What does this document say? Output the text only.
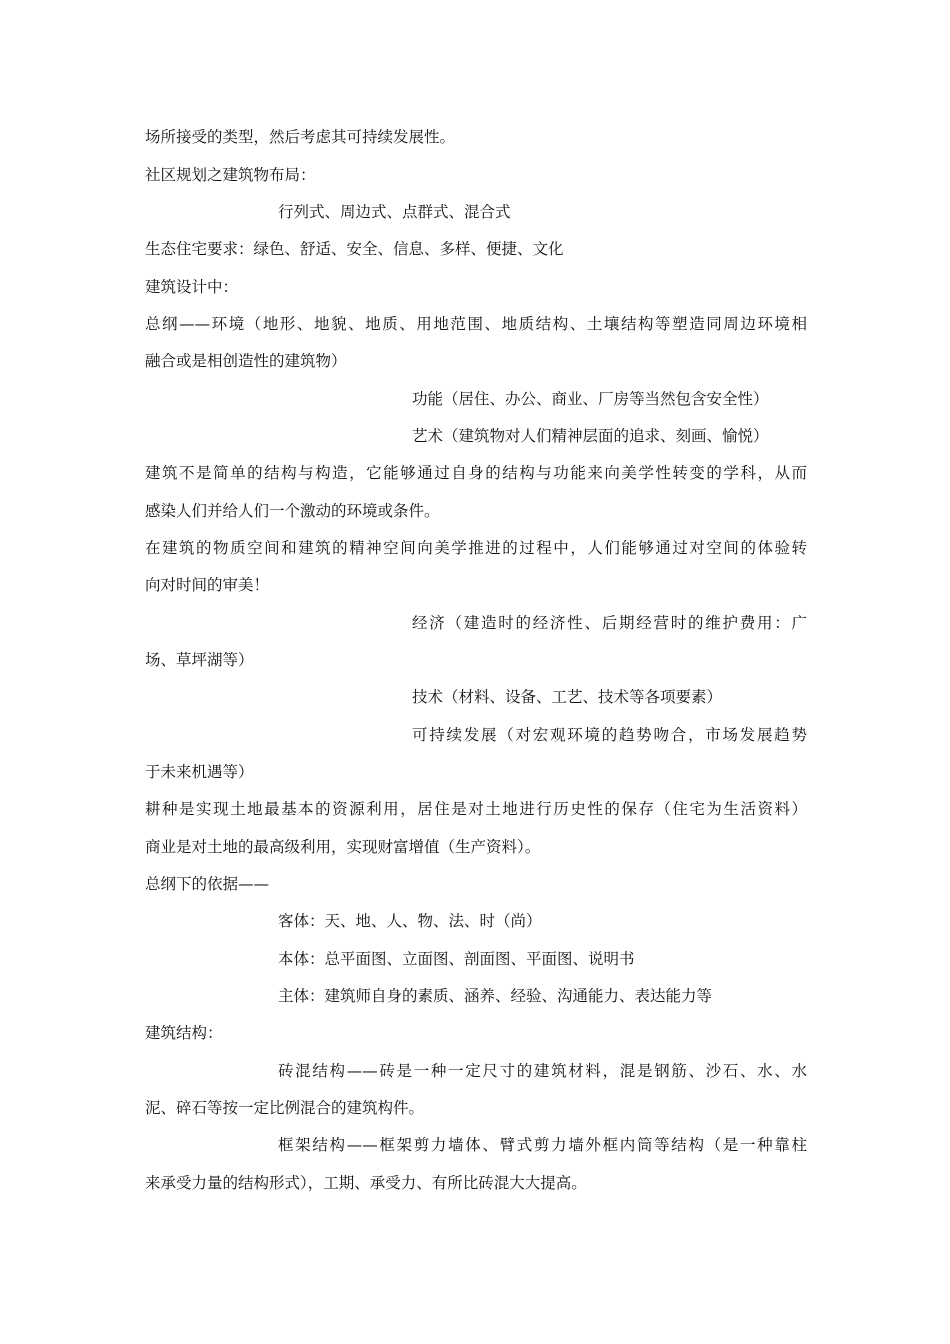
场所接受的类型，然后考虑其可持续发展性。
社区规划之建筑物布局：
行列式、周边式、点群式、混合式
生态住宅要求：绿色、舒适、安全、信息、多样、便捷、文化
建筑设计中：
总纲——环境（地形、地貌、地质、用地范围、地质结构、土壤结构等塑造同周边环境相
融合或是相创造性的建筑物）
功能（居住、办公、商业、厂房等当然包含安全性）
艺术（建筑物对人们精神层面的追求、刻画、愉悦）
建筑不是简单的结构与构造，它能够通过自身的结构与功能来向美学性转变的学科，从而
感染人们并给人们一个激动的环境或条件。
在建筑的物质空间和建筑的精神空间向美学推进的过程中，人们能够通过对空间的体验转
向对时间的审美！
经济（建造时的经济性、后期经营时的维护费用：广
场、草坪湖等）
技术（材料、设备、工艺、技术等各项要素）
可持续发展（对宏观环境的趋势吻合，市场发展趋势
于未来机遇等）
耕种是实现土地最基本的资源利用，居住是对土地进行历史性的保存（住宅为生活资料）
商业是对土地的最高级利用，实现财富增值（生产资料）。
总纲下的依据——
客体：天、地、人、物、法、时（尚）
本体：总平面图、立面图、剖面图、平面图、说明书
主体：建筑师自身的素质、涵养、经验、沟通能力、表达能力等
建筑结构：
砖混结构——砖是一种一定尺寸的建筑材料，混是钢筋、沙石、水、水
泥、碎石等按一定比例混合的建筑构件。
框架结构——框架剪力墙体、臂式剪力墙外框内筒等结构（是一种靠柱
来承受力量的结构形式），工期、承受力、有所比砖混大大提高。
